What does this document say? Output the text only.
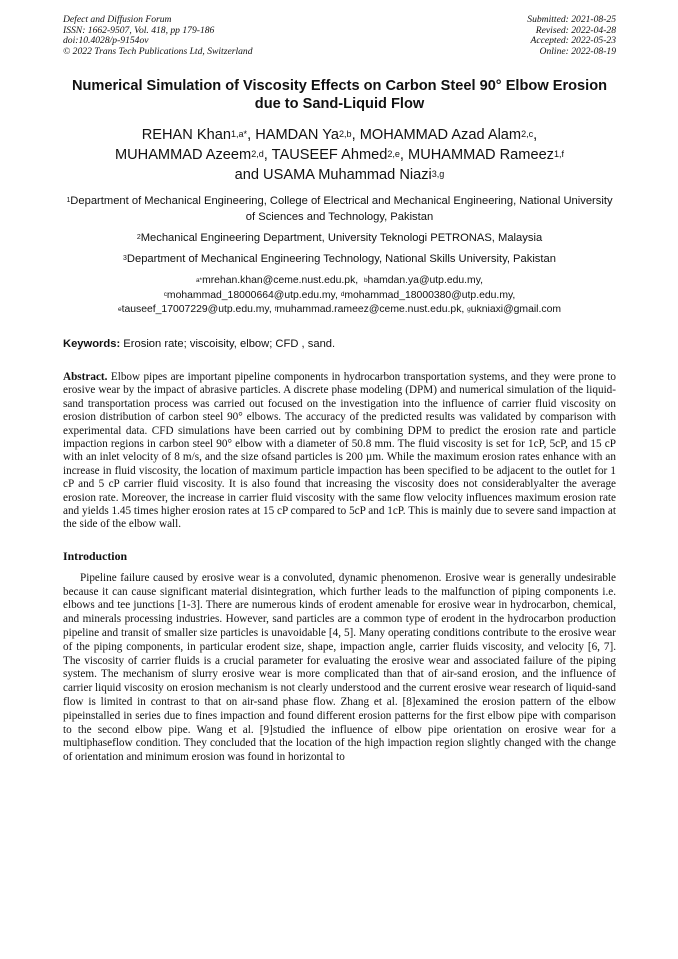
Defect and Diffusion Forum
ISSN: 1662-9507, Vol. 418, pp 179-186
doi:10.4028/p-9154ov
© 2022 Trans Tech Publications Ltd, Switzerland
Submitted: 2021-08-25
Revised: 2022-04-28
Accepted: 2022-05-23
Online: 2022-08-19
Numerical Simulation of Viscosity Effects on Carbon Steel 90° Elbow Erosion due to Sand-Liquid Flow
REHAN Khan$^{1,a*}$, HAMDAN Ya$^{2,b}$, MOHAMMAD Azad Alam$^{2,c}$,
MUHAMMAD Azeem$^{2,d}$, TAUSEEF Ahmed$^{2,e}$, MUHAMMAD Rameez$^{1,f}$
and USAMA Muhammad Niazi$^{3,g}$
$^1$Department of Mechanical Engineering, College of Electrical and Mechanical Engineering, National University of Sciences and Technology, Pakistan
$^2$Mechanical Engineering Department, University Teknologi PETRONAS, Malaysia
$^3$Department of Mechanical Engineering Technology, National Skills University, Pakistan
$^{a*}$mrehan.khan@ceme.nust.edu.pk,  $^b$hamdan.ya@utp.edu.my,
$^c$mohammad_18000664@utp.edu.my, $^d$mohammad_18000380@utp.edu.my,
$^e$tauseef_17007229@utp.edu.my, $^f$muhammad.rameez@ceme.nust.edu.pk, $^g$ukniaxi@gmail.com

Keywords: Erosion rate; viscoisity, elbow; CFD , sand.

Abstract. Elbow pipes are important pipeline components in hydrocarbon transportation systems, and they were prone to erosive wear by the impact of abrasive particles. A discrete phase modeling (DPM) and numerical simulation of the liquid-sand transportation process was carried out focused on the investigation into the influence of carrier fluid viscosity on erosion distribution of carbon steel 90° elbows. The accuracy of the predicted results was validated by comparison with experimental data. CFD simulations have been carried out by combining DPM to predict the erosion rate and particle impaction regions in carbon steel 90° elbow with a diameter of 50.8 mm. The fluid viscosity is set for 1cP, 5cP, and 15 cP with an inlet velocity of 8 m/s, and the size ofsand particles is 200 µm. While the maximum erosion rates enhance with an increase in fluid viscosity, the location of maximum particle impaction has been specified to be adjacent to the outlet for 1 cP and 5 cP carrier fluid viscosity. It is also found that increasing the viscosity does not considerablyalter the average erosion rate. Moreover, the increase in carrier fluid viscosity with the same flow velocity influences maximum erosion rate and yields 1.45 times higher erosion rates at 15 cP compared to 5cP and 1cP. This is mainly due to severe sand impaction at the side of the elbow wall.

Introduction

Pipeline failure caused by erosive wear is a convoluted, dynamic phenomenon. Erosive wear is generally undesirable because it can cause significant material disintegration, which further leads to the malfunction of piping components i.e. elbows and tee junctions [1-3]. There are numerous kinds of erodent amenable for erosive wear in hydrocarbon, chemical, and minerals processing industries. However, sand particles are a common type of erodent in the hydrocarbon production pipeline and transit of smaller size particles is unavoidable [4, 5]. Many operating conditions contribute to the erosive wear of the piping components, in particular erodent size, shape, impaction angle, carrier fluids viscosity, and velocity [6, 7]. The viscosity of carrier fluids is a crucial parameter for evaluating the erosive wear and associated failure of the piping system. The mechanism of slurry erosive wear is more complicated than that of air-sand erosion, and the influence of carrier liquid viscosity on erosion mechanism is not clearly understood and the current erosive wear research of liquid-sand flow is limited in contrast to that on air-sand phase flow. Zhang et al. [8]examined the erosion pattern of the elbow pipeinstalled in series due to fines impaction and found different erosion patterns for the first elbow pipe with comparison to the second elbow pipe. Wang et al. [9]studied the influence of elbow pipe orientation on erosive wear for a multiphaseflow condition. They concluded that the location of the high impaction region slightly changed with the change of orientation and minimum erosion was found in horizontal to
